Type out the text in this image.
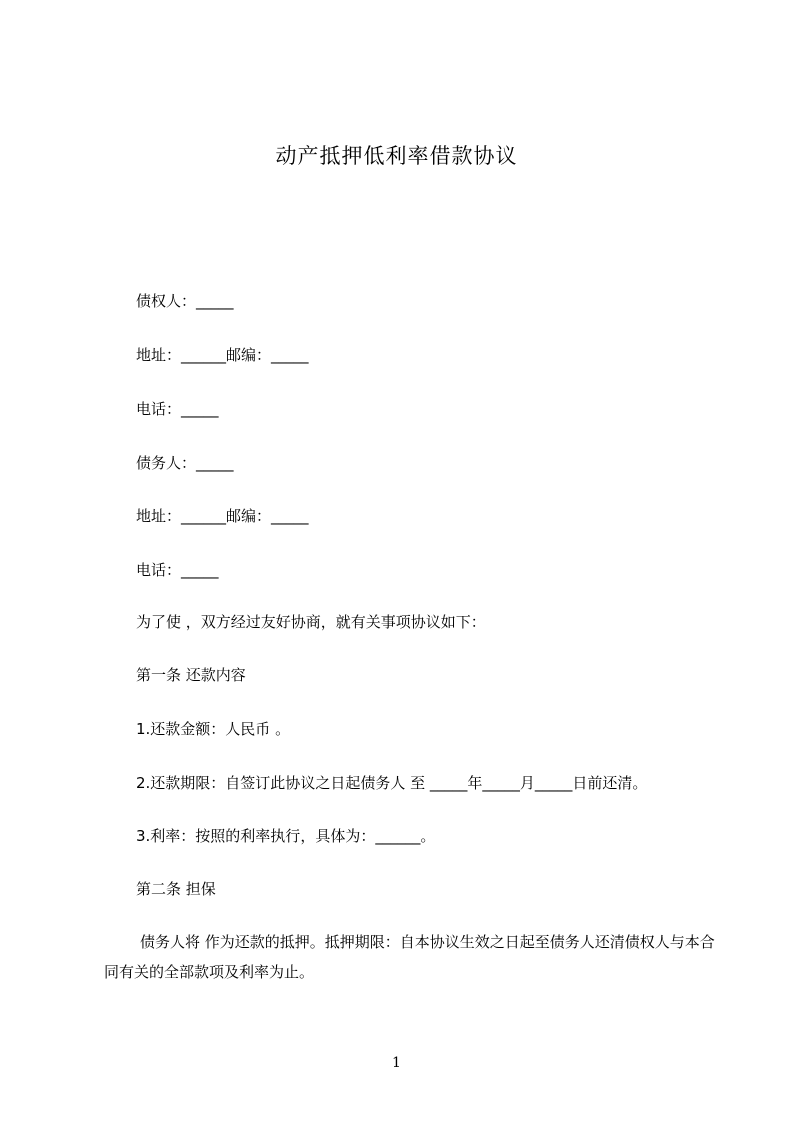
动产抵押低利率借款协议
债权人：_____
地址：______邮编：_____
电话：_____
债务人：_____
地址：______邮编：_____
电话：_____
为了使 ，双方经过友好协商，就有关事项协议如下：
第一条 还款内容
1.还款金额：人民币 。
2.还款期限：自签订此协议之日起债务人 至 _____年_____月_____日前还清。
3.利率：按照的利率执行，具体为：______。
第二条 担保
债务人将 作为还款的抵押。抵押期限：自本协议生效之日起至债务人还清债权人与本合同有关的全部款项及利率为止。
1
